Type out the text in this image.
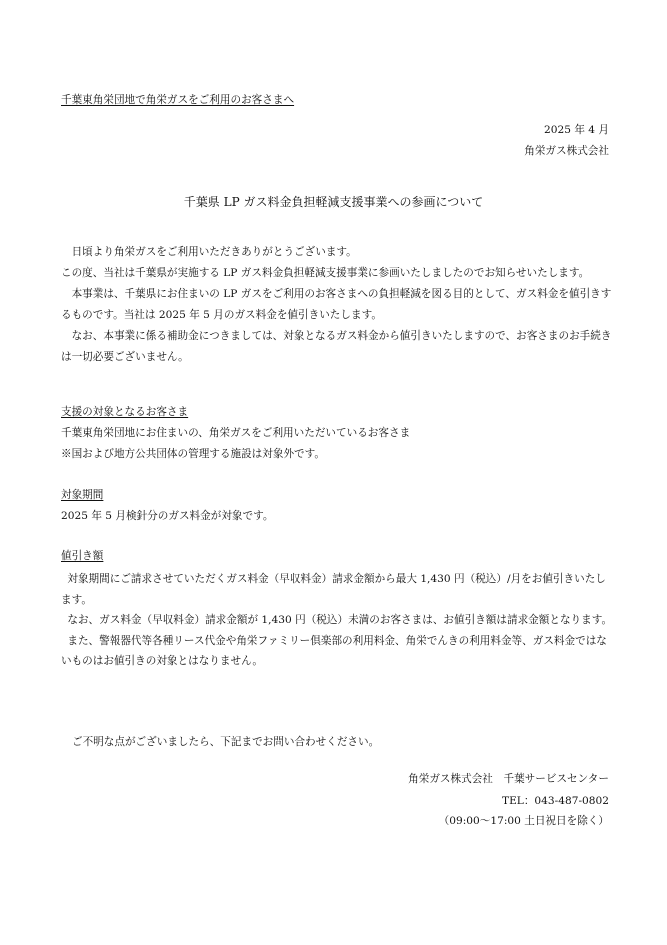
千葉東角栄団地で角栄ガスをご利用のお客さまへ
2025 年 4 月
角栄ガス株式会社
千葉県 LP ガス料金負担軽減支援事業への参画について

日頃より角栄ガスをご利用いただきありがとうございます。

この度、当社は千葉県が実施する LP ガス料金負担軽減支援事業に参画いたしましたのでお知らせいたします。

本事業は、千葉県にお住まいの LP ガスをご利用のお客さまへの負担軽減を図る目的として、ガス料金を値引きするものです。当社は 2025 年 5 月のガス料金を値引きいたします。

なお、本事業に係る補助金につきましては、対象となるガス料金から値引きいたしますので、お客さまのお手続きは一切必要ございません。

支援の対象となるお客さま
千葉東角栄団地にお住まいの、角栄ガスをご利用いただいているお客さま
※国および地方公共団体の管理する施設は対象外です。
対象期間
2025 年 5 月検針分のガス料金が対象です。
値引き額

対象期間にご請求させていただくガス料金（早収料金）請求金額から最大 1,430 円（税込）/月をお値引きいたします。

なお、ガス料金（早収料金）請求金額が 1,430 円（税込）未満のお客さまは、お値引き額は請求金額となります。

また、警報器代等各種リース代金や角栄ファミリー倶楽部の利用料金、角栄でんきの利用料金等、ガス料金ではないものはお値引きの対象とはなりません。

ご不明な点がございましたら、下記までお問い合わせください。
角栄ガス株式会社　千葉サービスセンター
TEL：043-487-0802
（09:00～17:00 土日祝日を除く）
